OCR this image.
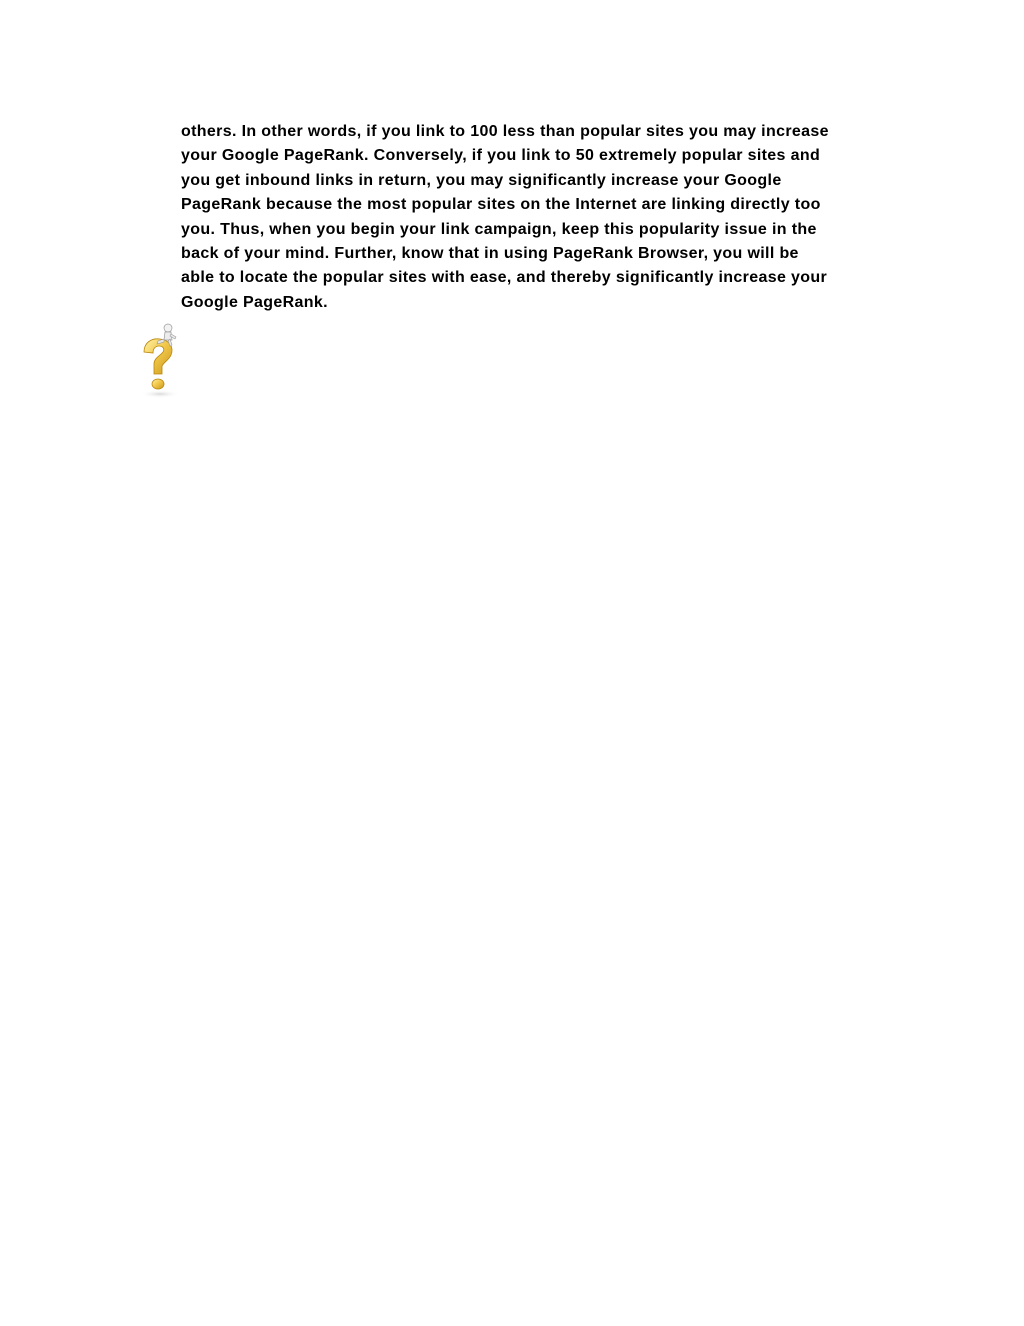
others. In other words, if you link to 100 less than popular sites you may increase
your Google PageRank. Conversely, if you link to 50 extremely popular sites and
you get inbound links in return, you may significantly increase your Google
PageRank because the most popular sites on the Internet are linking directly too
you. Thus, when you begin your link campaign, keep this popularity issue in the
back of your mind. Further, know that in using PageRank Browser, you will be
able to locate the popular sites with ease, and thereby significantly increase your
Google PageRank.
